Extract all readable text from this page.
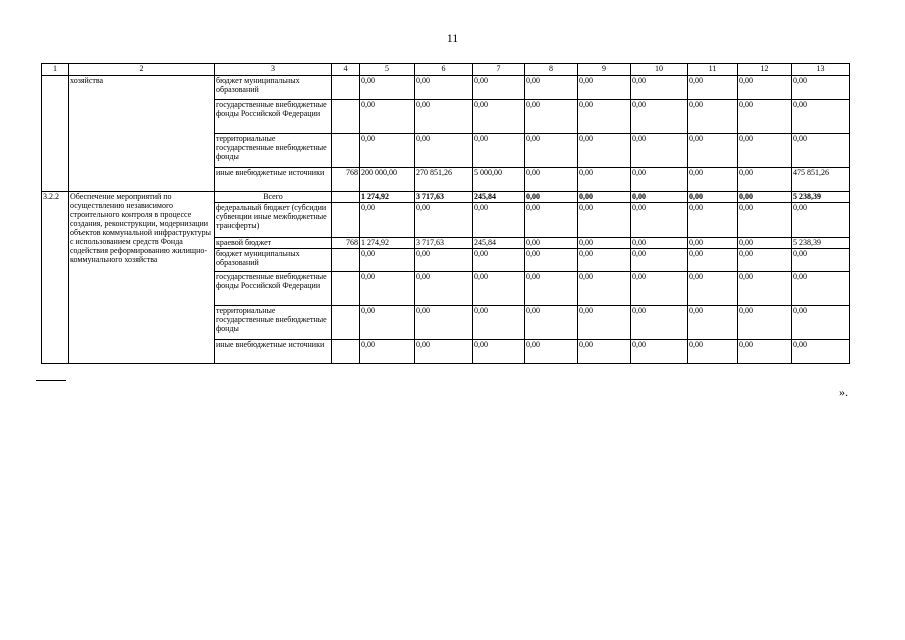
11
1	2	3	4	5	6	7	8	9	10	11	12	13
	хозяйства	бюджет муниципальных образований		0,00	0,00	0,00	0,00	0,00	0,00	0,00	0,00	0,00
		государственные внебюджетные фонды Российской Федерации		0,00	0,00	0,00	0,00	0,00	0,00	0,00	0,00	0,00
		территориальные государственные внебюджетные фонды		0,00	0,00	0,00	0,00	0,00	0,00	0,00	0,00	0,00
		иные внебюджетные источники	768	200 000,00	270 851,26	5 000,00	0,00	0,00	0,00	0,00	0,00	475 851,26
3.2.2	Обеспечение мероприятий по осуществлению независимого строительного контроля в процессе создания, реконструкции, модернизации объектов коммунальной инфраструктуры с использованием средств Фонда содействия реформированию жилищно-коммунального хозяйства	Всего		1 274,92	3 717,63	245,84	0,00	0,00	0,00	0,00	0,00	5 238,39
		федеральный бюджет (субсидии субвенции иные межбюджетные трансферты)		0,00	0,00	0,00	0,00	0,00	0,00	0,00	0,00	0,00
		краевой бюджет	768	1 274,92	3 717,63	245,84	0,00	0,00	0,00	0,00	0,00	5 238,39
		бюджет муниципальных образований		0,00	0,00	0,00	0,00	0,00	0,00	0,00	0,00	0,00
		государственные внебюджетные фонды Российской Федерации		0,00	0,00	0,00	0,00	0,00	0,00	0,00	0,00	0,00
		территориальные государственные внебюджетные фонды		0,00	0,00	0,00	0,00	0,00	0,00	0,00	0,00	0,00
		иные внебюджетные источники		0,00	0,00	0,00	0,00	0,00	0,00	0,00	0,00	0,00
».
